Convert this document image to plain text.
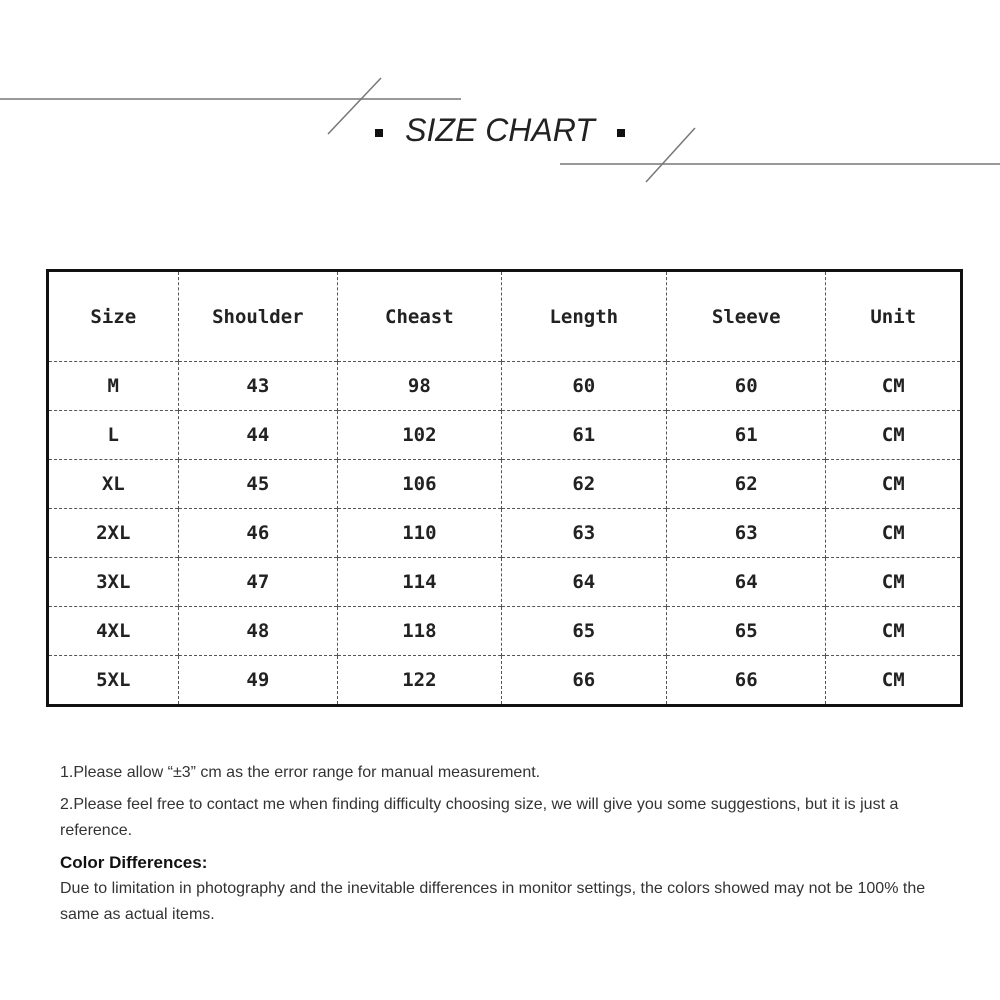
SIZE CHART
Size	Shoulder	Cheast	Length	Sleeve	Unit
M	43	98	60	60	CM
L	44	102	61	61	CM
XL	45	106	62	62	CM
2XL	46	110	63	63	CM
3XL	47	114	64	64	CM
4XL	48	118	65	65	CM
5XL	49	122	66	66	CM

1.Please allow “±3” cm as the error range for manual measurement.

2.Please feel free to contact me when finding difficulty choosing size, we will give you some suggestions, but it is just a reference.

Color Differences:

Due to limitation in photography and the inevitable differences in monitor settings, the colors showed may not be 100% the same as actual items.
